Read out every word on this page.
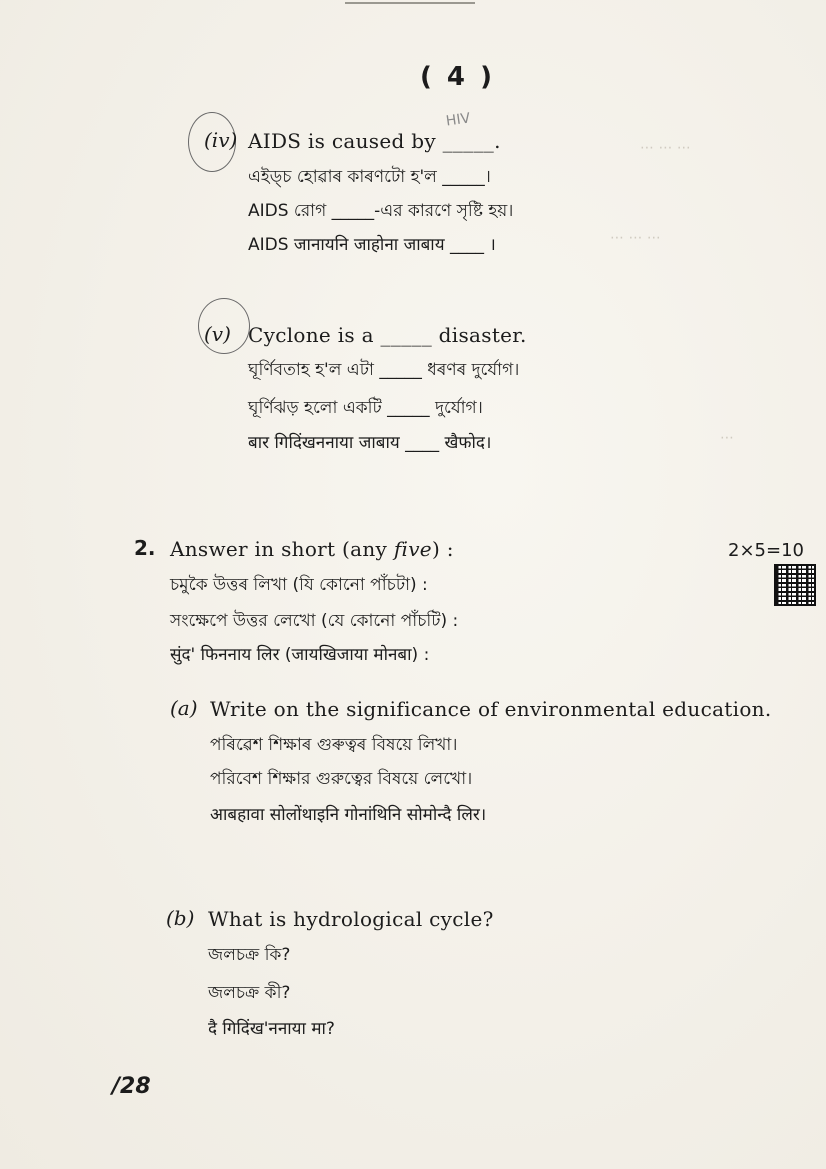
( 4 )
⋯ ⋯ ⋯
⋯ ⋯ ⋯
⋯
(iv)
HIV
AIDS is caused by _____.
এইড্‌চ হোৱাৰ কাৰণটো হ'ল _____।
AIDS রোগ _____-এর কারণে সৃষ্টি হয়।
AIDS जानायनि जाहोना जाबाय ____ ।
(v) Cyclone is a _____ disaster.
ঘূৰ্ণিবতাহ হ'ল এটা _____ ধৰণৰ দুৰ্যোগ।
ঘূর্ণিঝড় হলো একটি _____ দুর্যোগ।
बार गिदिंखननाया जाबाय ____ खैफोद।
2. Answer in short (any five) :	2×5=10
চমুকৈ উত্তৰ লিখা (যি কোনো পাঁচটা) :
সংক্ষেপে উত্তর লেখো (যে কোনো পাঁচটি) :
सुंद' फिननाय लिर (जायखिजाया मोनबा) :
(a) Write on the significance of environmental education.
পৰিৱেশ শিক্ষাৰ গুৰুত্বৰ বিষয়ে লিখা।
পরিবেশ শিক্ষার গুরুত্বের বিষয়ে লেখো।
आबहावा सोलोंथाइनि गोनांथिनि सोमोन्दै लिर।
(b) What is hydrological cycle?
জলচক্ৰ কি?
জলচক্র কী?
दै गिदिंख'ननाया मा?
/28
